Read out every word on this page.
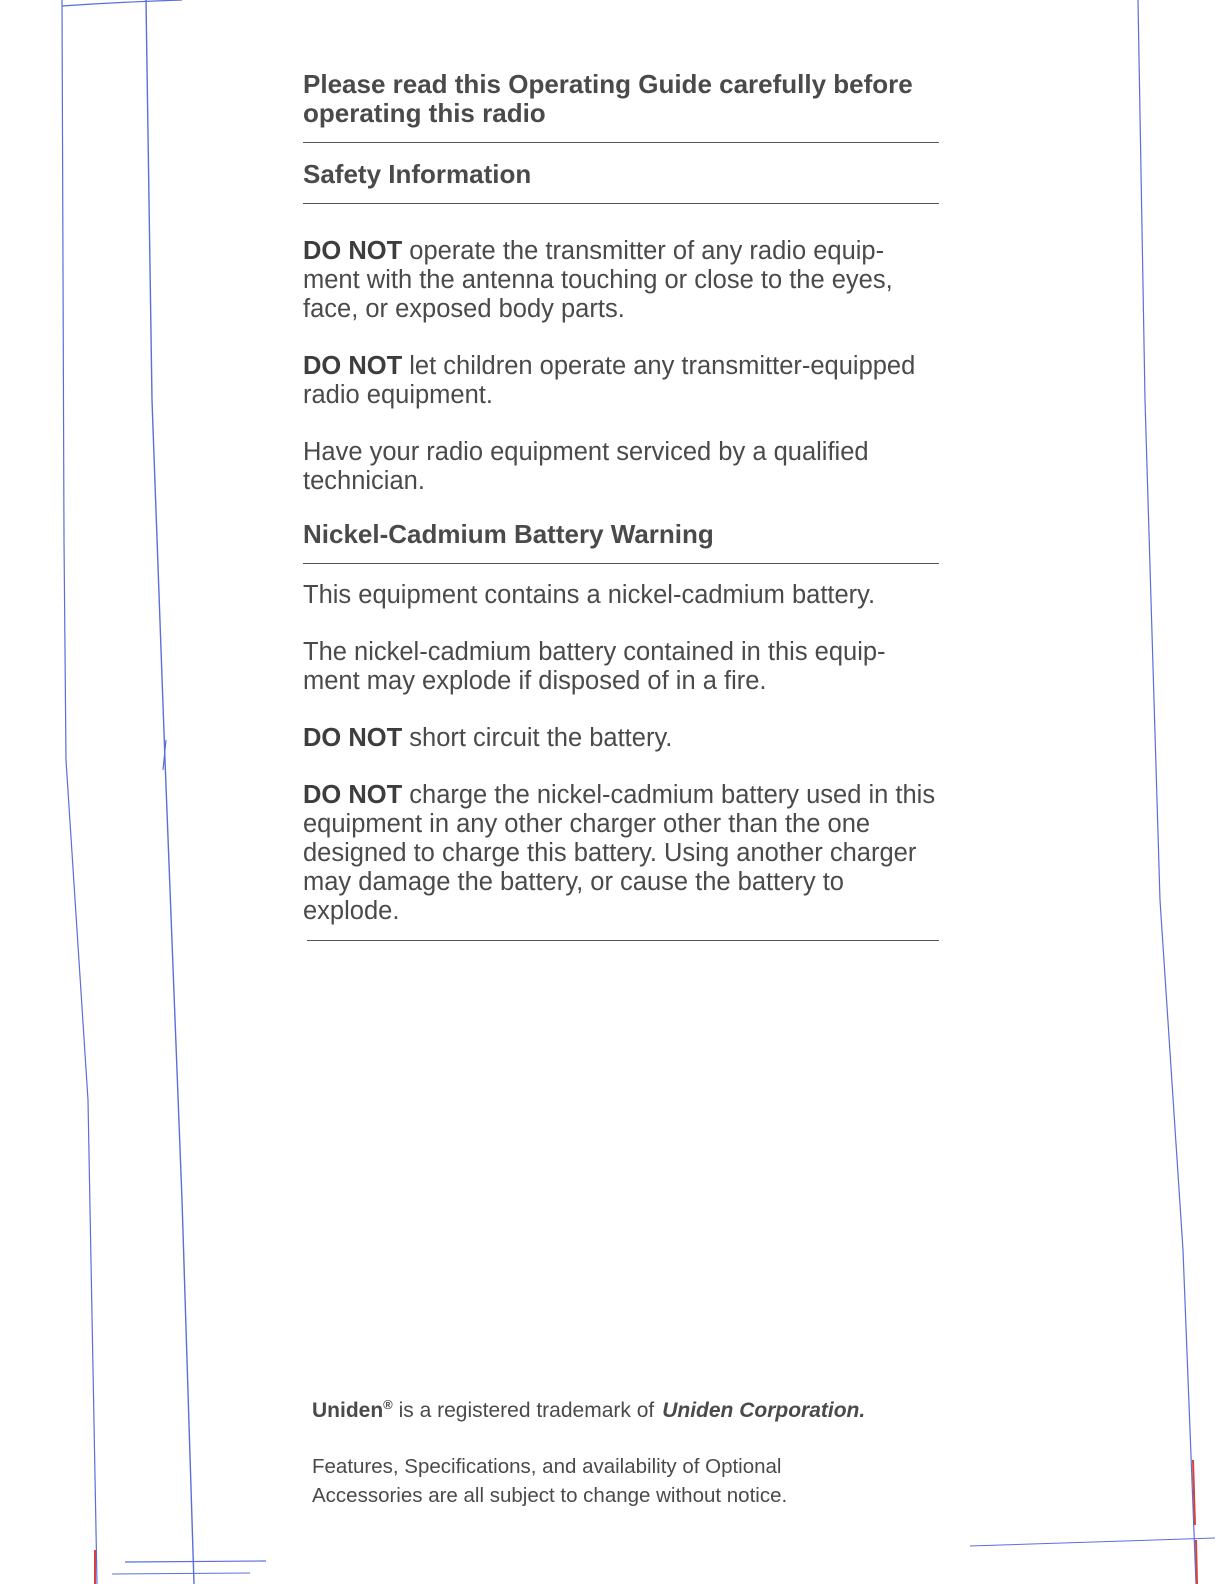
Please read this Operating Guide carefully before
operating this radio
Safety Information

DO NOT operate the transmitter of any radio equip-ment with the antenna touching or close to the eyes, face, or exposed body parts.

DO NOT let children operate any transmitter-equipped radio equipment.

Have your radio equipment serviced by a qualified technician.

Nickel-Cadmium Battery Warning

This equipment contains a nickel-cadmium battery.

The nickel-cadmium battery contained in this equip-ment may explode if disposed of in a fire.

DO NOT short circuit the battery.

DO NOT charge the nickel-cadmium battery used in this equipment in any other charger other than the one designed to charge this battery. Using another charger may damage the battery, or cause the battery to explode.

Uniden® is a registered trademark of Uniden Corporation.

Features, Specifications, and availability of Optional
Accessories are all subject to change without notice.
